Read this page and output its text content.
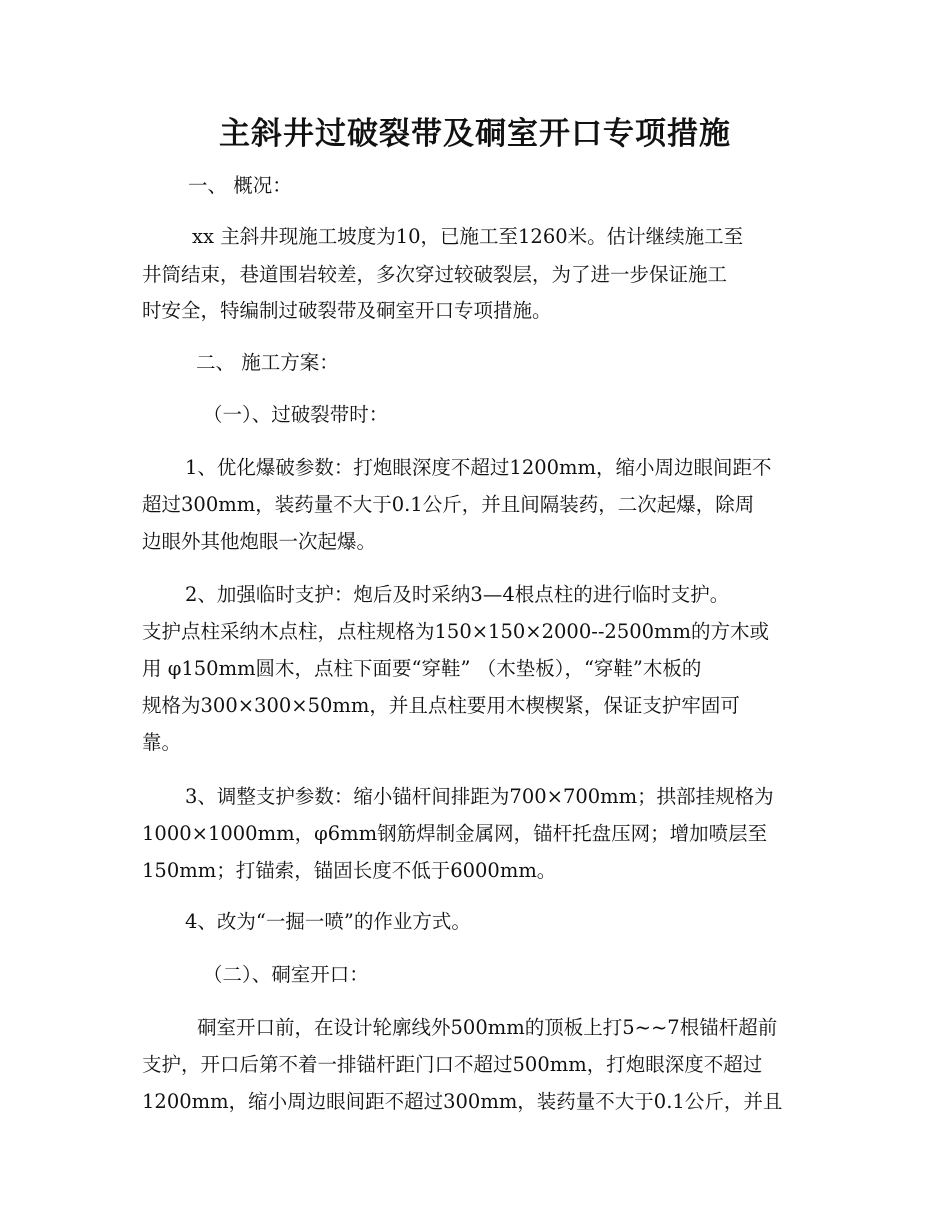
主斜井过破裂带及硐室开口专项措施
一、 概况：
xx 主斜井现施工坡度为10，已施工至1260米。估计继续施工至
井筒结束，巷道围岩较差，多次穿过较破裂层，为了进一步保证施工
时安全，特编制过破裂带及硐室开口专项措施。
二、 施工方案：
（一）、过破裂带时：
1、优化爆破参数：打炮眼深度不超过1200mm，缩小周边眼间距不
超过300mm，装药量不大于0.1公斤，并且间隔装药，二次起爆，除周
边眼外其他炮眼一次起爆。
2、加强临时支护：炮后及时采纳3—4根点柱的进行临时支护。
支护点柱采纳木点柱，点柱规格为150×150×2000--2500mm的方木或
用 φ150mm圆木，点柱下面要“穿鞋” （木垫板），“穿鞋”木板的
规格为300×300×50mm，并且点柱要用木楔楔紧，保证支护牢固可
靠。
3、调整支护参数：缩小锚杆间排距为700×700mm；拱部挂规格为
1000×1000mm，φ6mm钢筋焊制金属网，锚杆托盘压网；增加喷层至
150mm；打锚索，锚固长度不低于6000mm。
4、改为“一掘一喷”的作业方式。
（二）、硐室开口：
硐室开口前，在设计轮廓线外500mm的顶板上打5~~7根锚杆超前
支护，开口后第不着一排锚杆距门口不超过500mm，打炮眼深度不超过
1200mm，缩小周边眼间距不超过300mm，装药量不大于0.1公斤，并且
